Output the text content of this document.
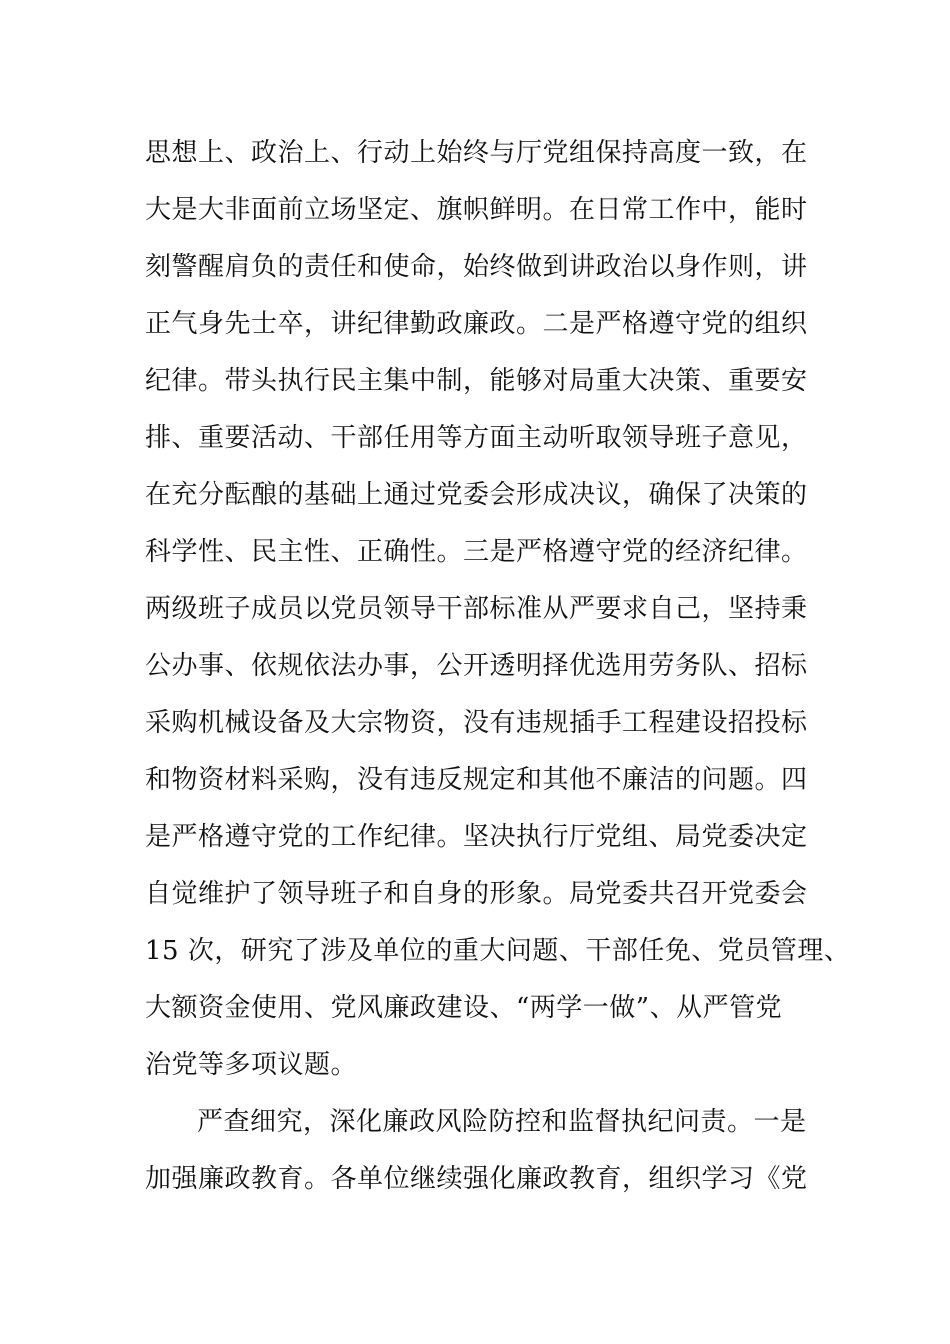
思想上、政治上、行动上始终与厅党组保持高度一致，在
大是大非面前立场坚定、旗帜鲜明。在日常工作中，能时
刻警醒肩负的责任和使命，始终做到讲政治以身作则，讲
正气身先士卒，讲纪律勤政廉政。二是严格遵守党的组织
纪律。带头执行民主集中制，能够对局重大决策、重要安
排、重要活动、干部任用等方面主动听取领导班子意见，
在充分酝酿的基础上通过党委会形成决议，确保了决策的
科学性、民主性、正确性。三是严格遵守党的经济纪律。
两级班子成员以党员领导干部标准从严要求自己，坚持秉
公办事、依规依法办事，公开透明择优选用劳务队、招标
采购机械设备及大宗物资，没有违规插手工程建设招投标
和物资材料采购，没有违反规定和其他不廉洁的问题。四
是严格遵守党的工作纪律。坚决执行厅党组、局党委决定
自觉维护了领导班子和自身的形象。局党委共召开党委会
15 次，研究了涉及单位的重大问题、干部任免、党员管理、
大额资金使用、党风廉政建设、“两学一做”、从严管党
治党等多项议题。
严查细究，深化廉政风险防控和监督执纪问责。一是
加强廉政教育。各单位继续强化廉政教育，组织学习《党
